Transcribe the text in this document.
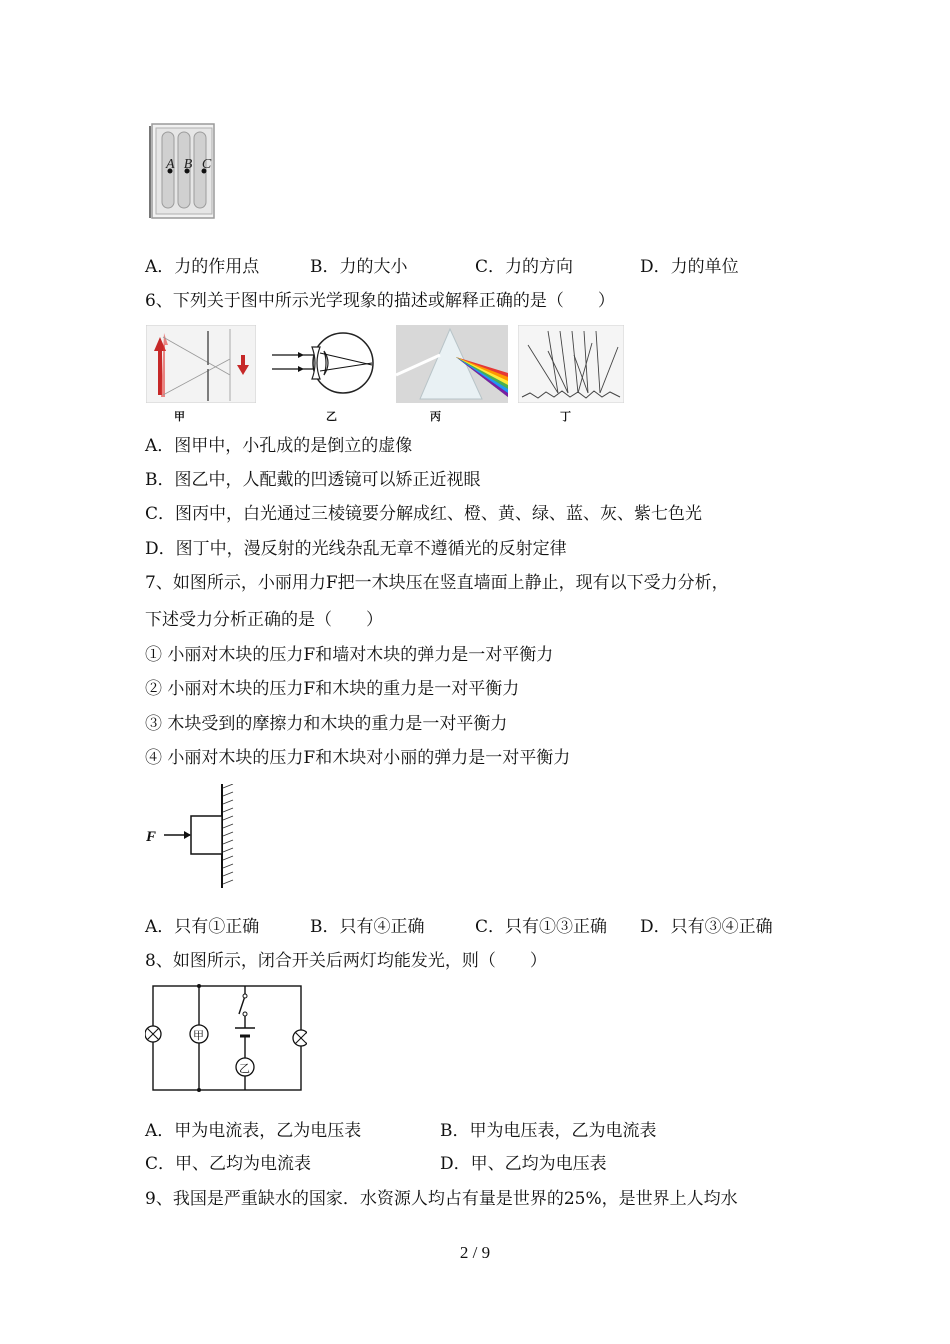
A B C
A．力的作用点	B．力的大小	C．力的方向	D．力的单位
6、下列关于图中所示光学现象的描述或解释正确的是（　　）
甲	乙	丙	丁
A．图甲中，小孔成的是倒立的虚像
B．图乙中，人配戴的凹透镜可以矫正近视眼
C．图丙中，白光通过三棱镜要分解成红、橙、黄、绿、蓝、灰、紫七色光
D．图丁中，漫反射的光线杂乱无章不遵循光的反射定律
7、如图所示，小丽用力F把一木块压在竖直墙面上静止，现有以下受力分析，
下述受力分析正确的是（　　）
① 小丽对木块的压力F和墙对木块的弹力是一对平衡力
② 小丽对木块的压力F和木块的重力是一对平衡力
③ 木块受到的摩擦力和木块的重力是一对平衡力
④ 小丽对木块的压力F和木块对小丽的弹力是一对平衡力
F
A．只有①正确	B．只有④正确	C．只有①③正确 D．只有③④正确
8、如图所示，闭合开关后两灯均能发光，则（　　）
甲
乙
A．甲为电流表，乙为电压表	B．甲为电压表，乙为电流表
C．甲、乙均为电流表	D．甲、乙均为电压表
9、我国是严重缺水的国家．水资源人均占有量是世界的25%，是世界上人均水
2 / 9
